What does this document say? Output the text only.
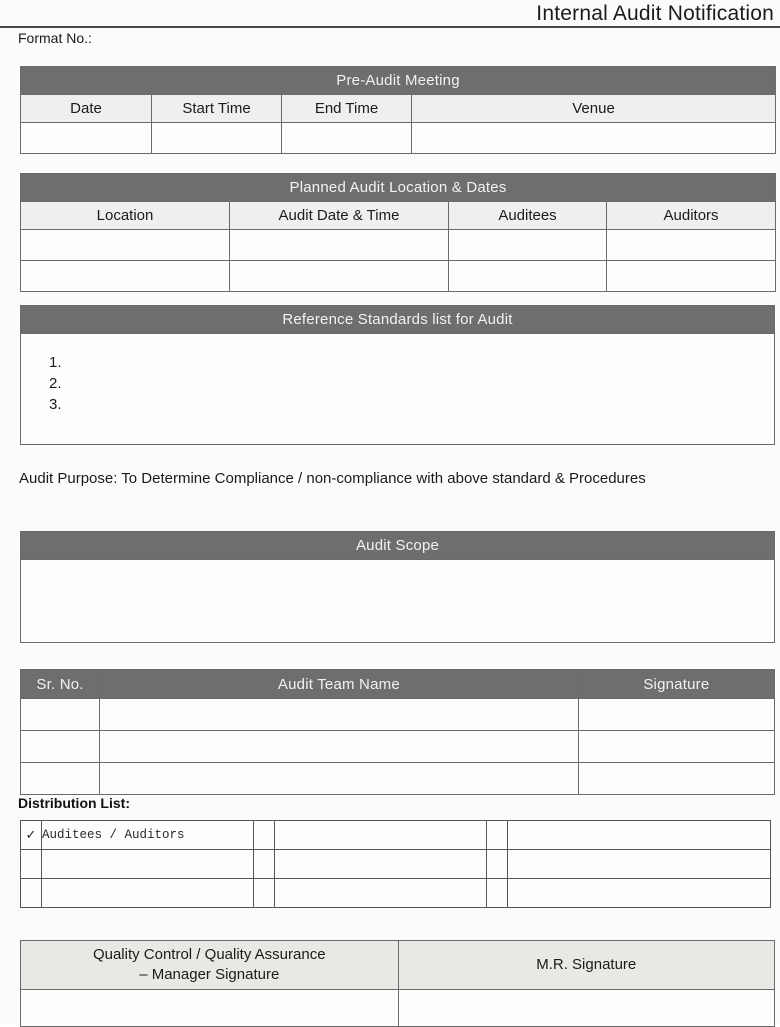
Internal Audit Notification
Format No.:
Pre-Audit Meeting			
Date	Start Time	End Time	Venue

Planned Audit Location & Dates			
Location	Audit Date & Time	Auditees	Auditors

Reference Standards list for Audit

1.
2.
3.
Audit Purpose: To Determine Compliance / non-compliance with above standard & Procedures
Audit Scope

Sr. No.	Audit Team Name	Signature

Distribution List:
✓	Auditees / Auditors				

Quality Control / Quality Assurance
– Manager Signature	M.R. Signature
